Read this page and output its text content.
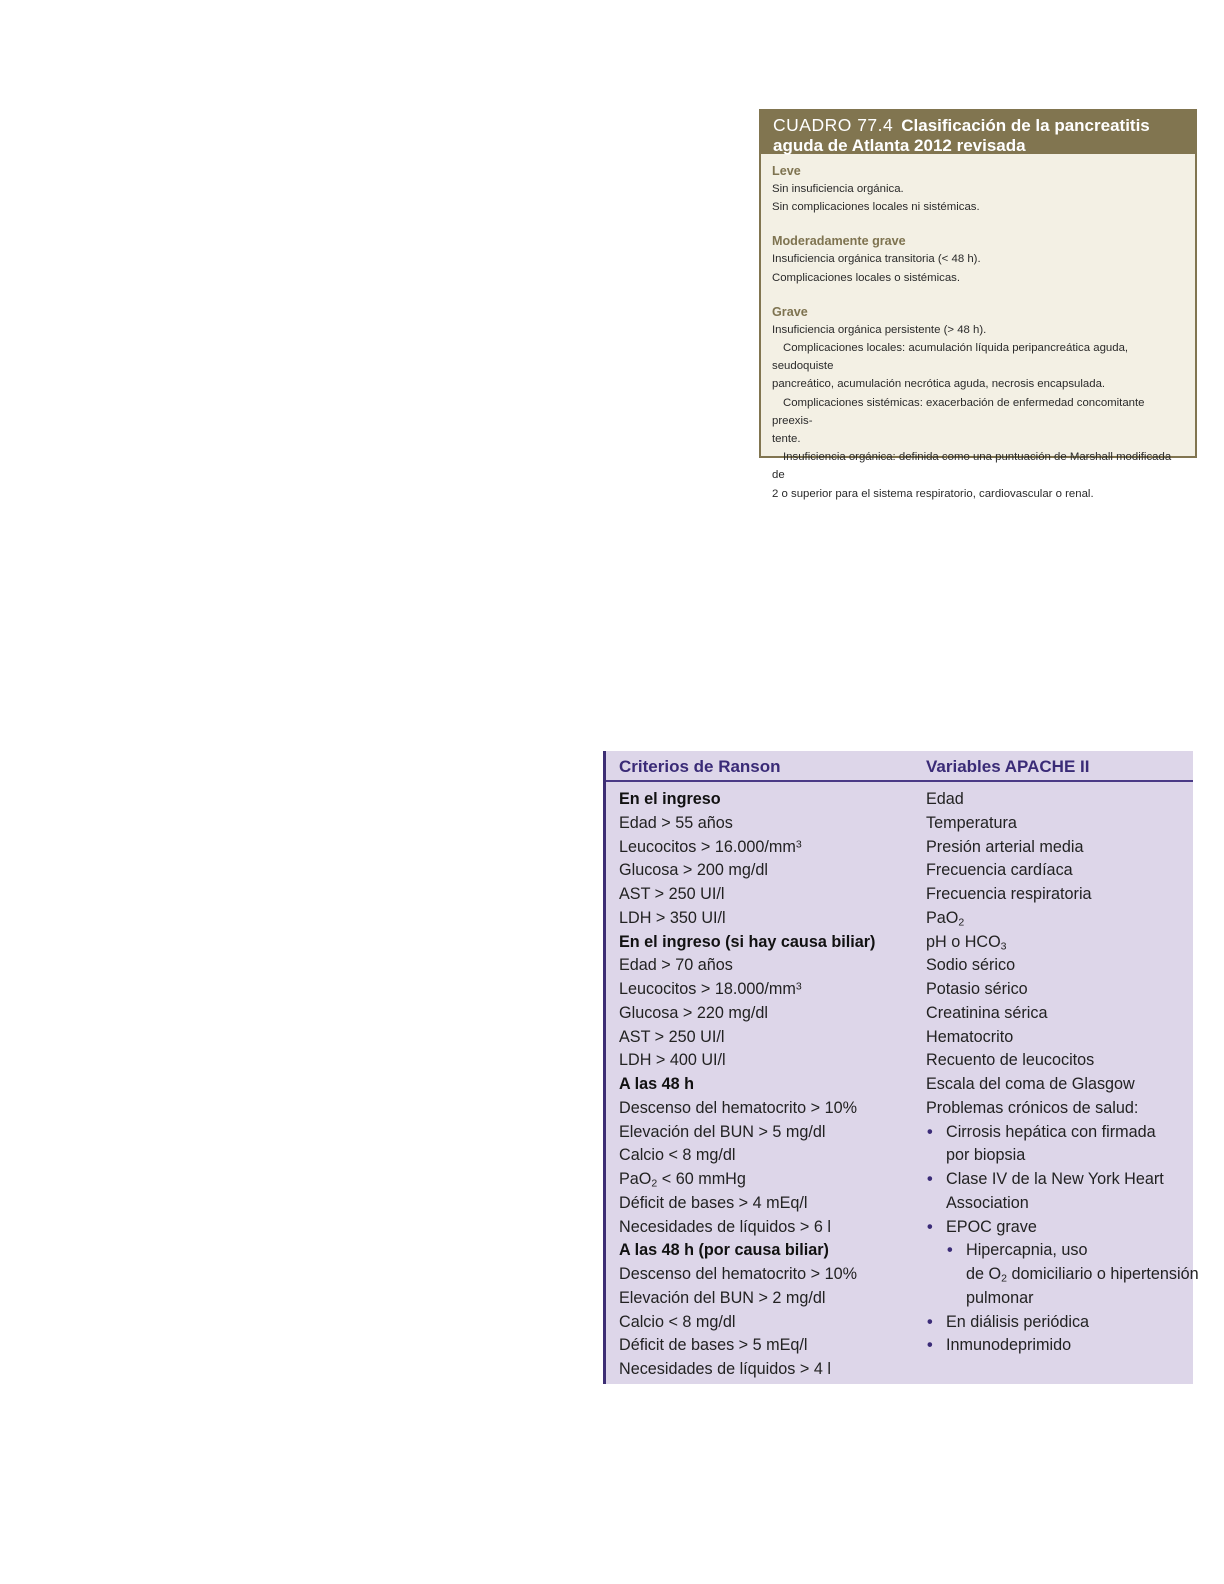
CUADRO 77.4 Clasificación de la pancreatitis
aguda de Atlanta 2012 revisada
Leve
Sin insuficiencia orgánica.
Sin complicaciones locales ni sistémicas.
Moderadamente grave
Insuficiencia orgánica transitoria (< 48 h).
Complicaciones locales o sistémicas.
Grave
Insuficiencia orgánica persistente (> 48 h).
Complicaciones locales: acumulación líquida peripancreática aguda, seudoquiste
pancreático, acumulación necrótica aguda, necrosis encapsulada.
Complicaciones sistémicas: exacerbación de enfermedad concomitante preexis-
tente.
Insuficiencia orgánica: definida como una puntuación de Marshall modificada de
2 o superior para el sistema respiratorio, cardiovascular o renal.
Criterios de Ranson	Variables APACHE II
En el ingreso
Edad > 55 años
Leucocitos > $16.000/mm^3$
Glucosa > 200 mg/dl
AST > 250 UI/l
LDH > 350 UI/l
En el ingreso (si hay causa biliar)
Edad > 70 años
Leucocitos > $18.000/mm^3$
Glucosa > 220 mg/dl
AST > 250 UI/l
LDH > 400 UI/l
A las 48 h
Descenso del hematocrito > 10%
Elevación del BUN > 5 mg/dl
Calcio < 8 mg/dl
PaO$_2$ < 60 mmHg
Déficit de bases > 4 mEq/l
Necesidades de líquidos > 6 l
A las 48 h (por causa biliar)
Descenso del hematocrito > 10%
Elevación del BUN > 2 mg/dl
Calcio < 8 mg/dl
Déficit de bases > 5 mEq/l
Necesidades de líquidos > 4 l
Edad
Temperatura
Presión arterial media
Frecuencia cardíaca
Frecuencia respiratoria
PaO$_2$
pH o $HCO_3$
Sodio sérico
Potasio sérico
Creatinina sérica
Hematocrito
Recuento de leucocitos
Escala del coma de Glasgow
Problemas crónicos de salud:
• Cirrosis hepática con firmada
por biopsia
• Clase IV de la New York Heart
Association
• EPOC grave
• Hipercapnia, uso
de $O_2$ domiciliario o hipertensión
pulmonar
• En diálisis periódica
• Inmunodeprimido
